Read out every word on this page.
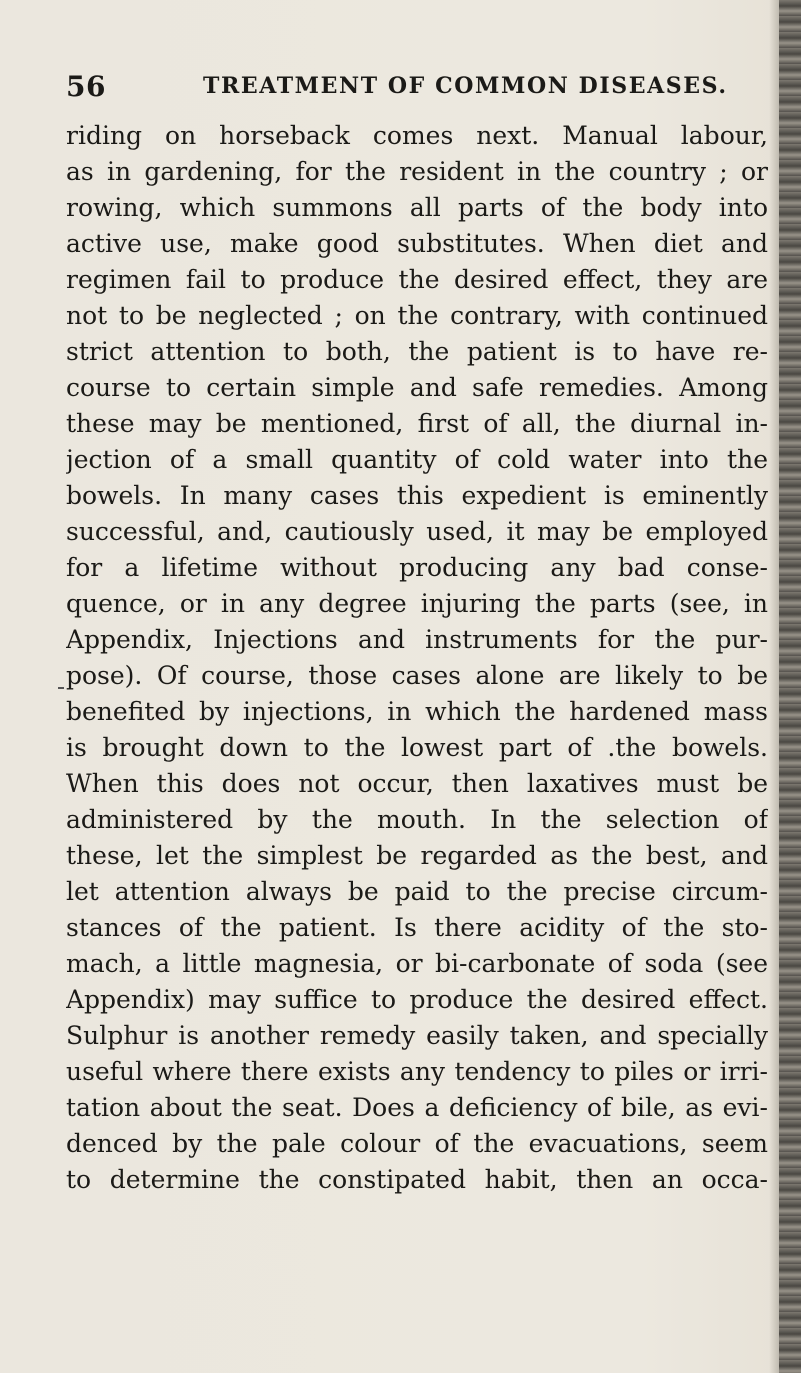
56	TREATMENT OF COMMON DISEASES.
riding on horseback comes next. Manual labour,
as in gardening, for the resident in the country ; or
rowing, which summons all parts of the body into
active use, make good substitutes. When diet and
regimen fail to produce the desired effect, they are
not to be neglected ; on the contrary, with continued
strict attention to both, the patient is to have re-
course to certain simple and safe remedies. Among
these may be mentioned, first of all, the diurnal in-
jection of a small quantity of cold water into the
bowels. In many cases this expedient is eminently
successful, and, cautiously used, it may be employed
for a lifetime without producing any bad conse-
quence, or in any degree injuring the parts (see, in
Appendix, Injections and instruments for the pur-
pose). Of course, those cases alone are likely to be
benefited by injections, in which the hardened mass
is brought down to the lowest part of .the bowels.
When this does not occur, then laxatives must be
administered by the mouth. In the selection of
these, let the simplest be regarded as the best, and
let attention always be paid to the precise circum-
stances of the patient. Is there acidity of the sto-
mach, a little magnesia, or bi-carbonate of soda (see
Appendix) may suffice to produce the desired effect.
Sulphur is another remedy easily taken, and specially
useful where there exists any tendency to piles or irri-
tation about the seat. Does a deficiency of bile, as evi-
denced by the pale colour of the evacuations, seem
to determine the constipated habit, then an occa-
